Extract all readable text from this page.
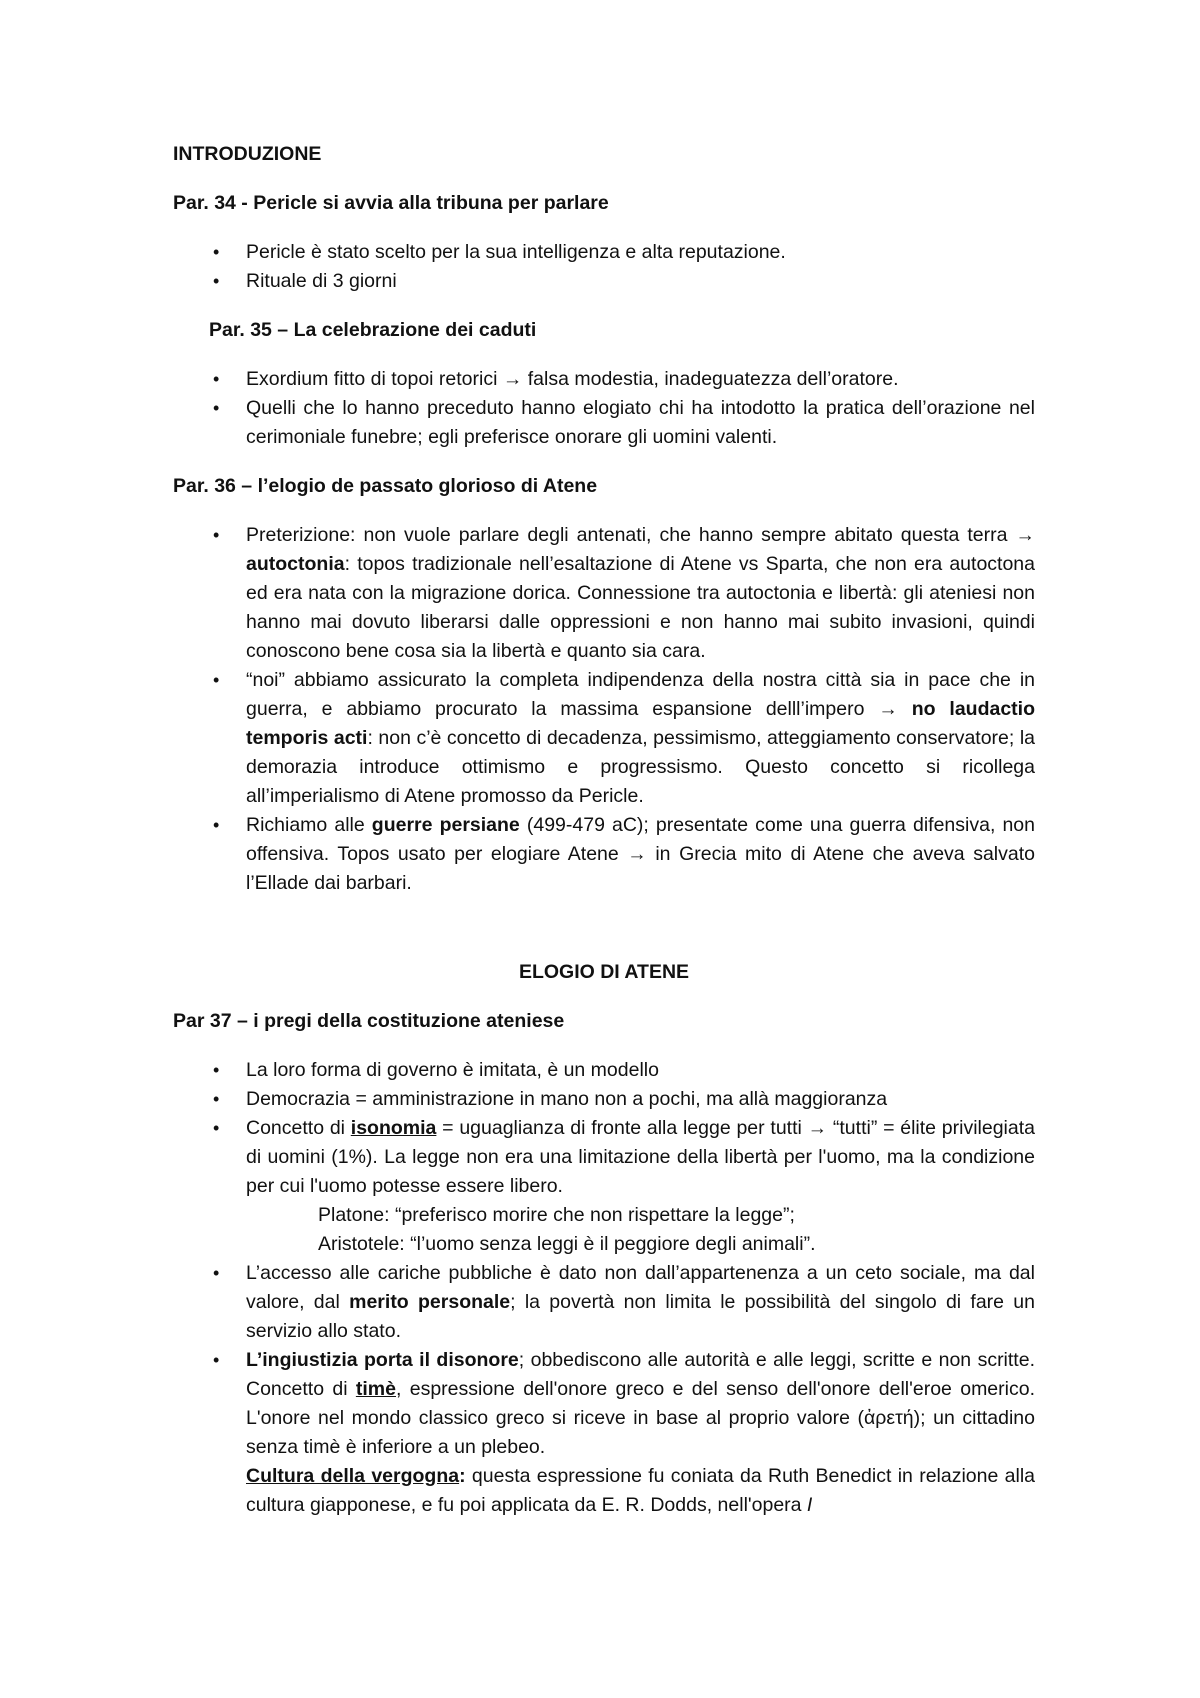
INTRODUZIONE

Par. 34 - Pericle si avvia alla tribuna per parlare

• Pericle è stato scelto per la sua intelligenza e alta reputazione.
• Rituale di 3 giorni

Par. 35 – La celebrazione dei caduti

• Exordium fitto di topoi retorici → falsa modestia, inadeguatezza dell’oratore.
• Quelli che lo hanno preceduto hanno elogiato chi ha intodotto la pratica dell’orazione nel cerimoniale funebre; egli preferisce onorare gli uomini valenti.

Par. 36 – l’elogio de passato glorioso di Atene

• Preterizione: non vuole parlare degli antenati, che hanno sempre abitato questa terra → autoctonia: topos tradizionale nell’esaltazione di Atene vs Sparta, che non era autoctona ed era nata con la migrazione dorica. Connessione tra autoctonia e libertà: gli ateniesi non hanno mai dovuto liberarsi dalle oppressioni e non hanno mai subito invasioni, quindi conoscono bene cosa sia la libertà e quanto sia cara.
• “noi” abbiamo assicurato la completa indipendenza della nostra città sia in pace che in guerra, e abbiamo procurato la massima espansione delll’impero → no laudactio temporis acti: non c’è concetto di decadenza, pessimismo, atteggiamento conservatore; la demorazia introduce ottimismo e progressismo. Questo concetto si ricollega all’imperialismo di Atene promosso da Pericle.
• Richiamo alle guerre persiane (499-479 aC); presentate come una guerra difensiva, non offensiva. Topos usato per elogiare Atene → in Grecia mito di Atene che aveva salvato l’Ellade dai barbari.

ELOGIO DI ATENE

Par 37 – i pregi della costituzione ateniese

• La loro forma di governo è imitata, è un modello
• Democrazia = amministrazione in mano non a pochi, ma allà maggioranza
• Concetto di isonomia = uguaglianza di fronte alla legge per tutti → “tutti” = élite privilegiata di uomini (1%). La legge non era una limitazione della libertà per l'uomo, ma la condizione per cui l'uomo potesse essere libero.
Platone: “preferisco morire che non rispettare la legge”;
Aristotele: “l’uomo senza leggi è il peggiore degli animali”.
• L’accesso alle cariche pubbliche è dato non dall’appartenenza a un ceto sociale, ma dal valore, dal merito personale; la povertà non limita le possibilità del singolo di fare un servizio allo stato.
• L’ingiustizia porta il disonore; obbediscono alle autorità e alle leggi, scritte e non scritte. Concetto di timè, espressione dell'onore greco e del senso dell'onore dell'eroe omerico. L'onore nel mondo classico greco si riceve in base al proprio valore (ἀρετή); un cittadino senza timè è inferiore a un plebeo.
Cultura della vergogna: questa espressione fu coniata da Ruth Benedict in relazione alla cultura giapponese, e fu poi applicata da E. R. Dodds, nell'opera I
